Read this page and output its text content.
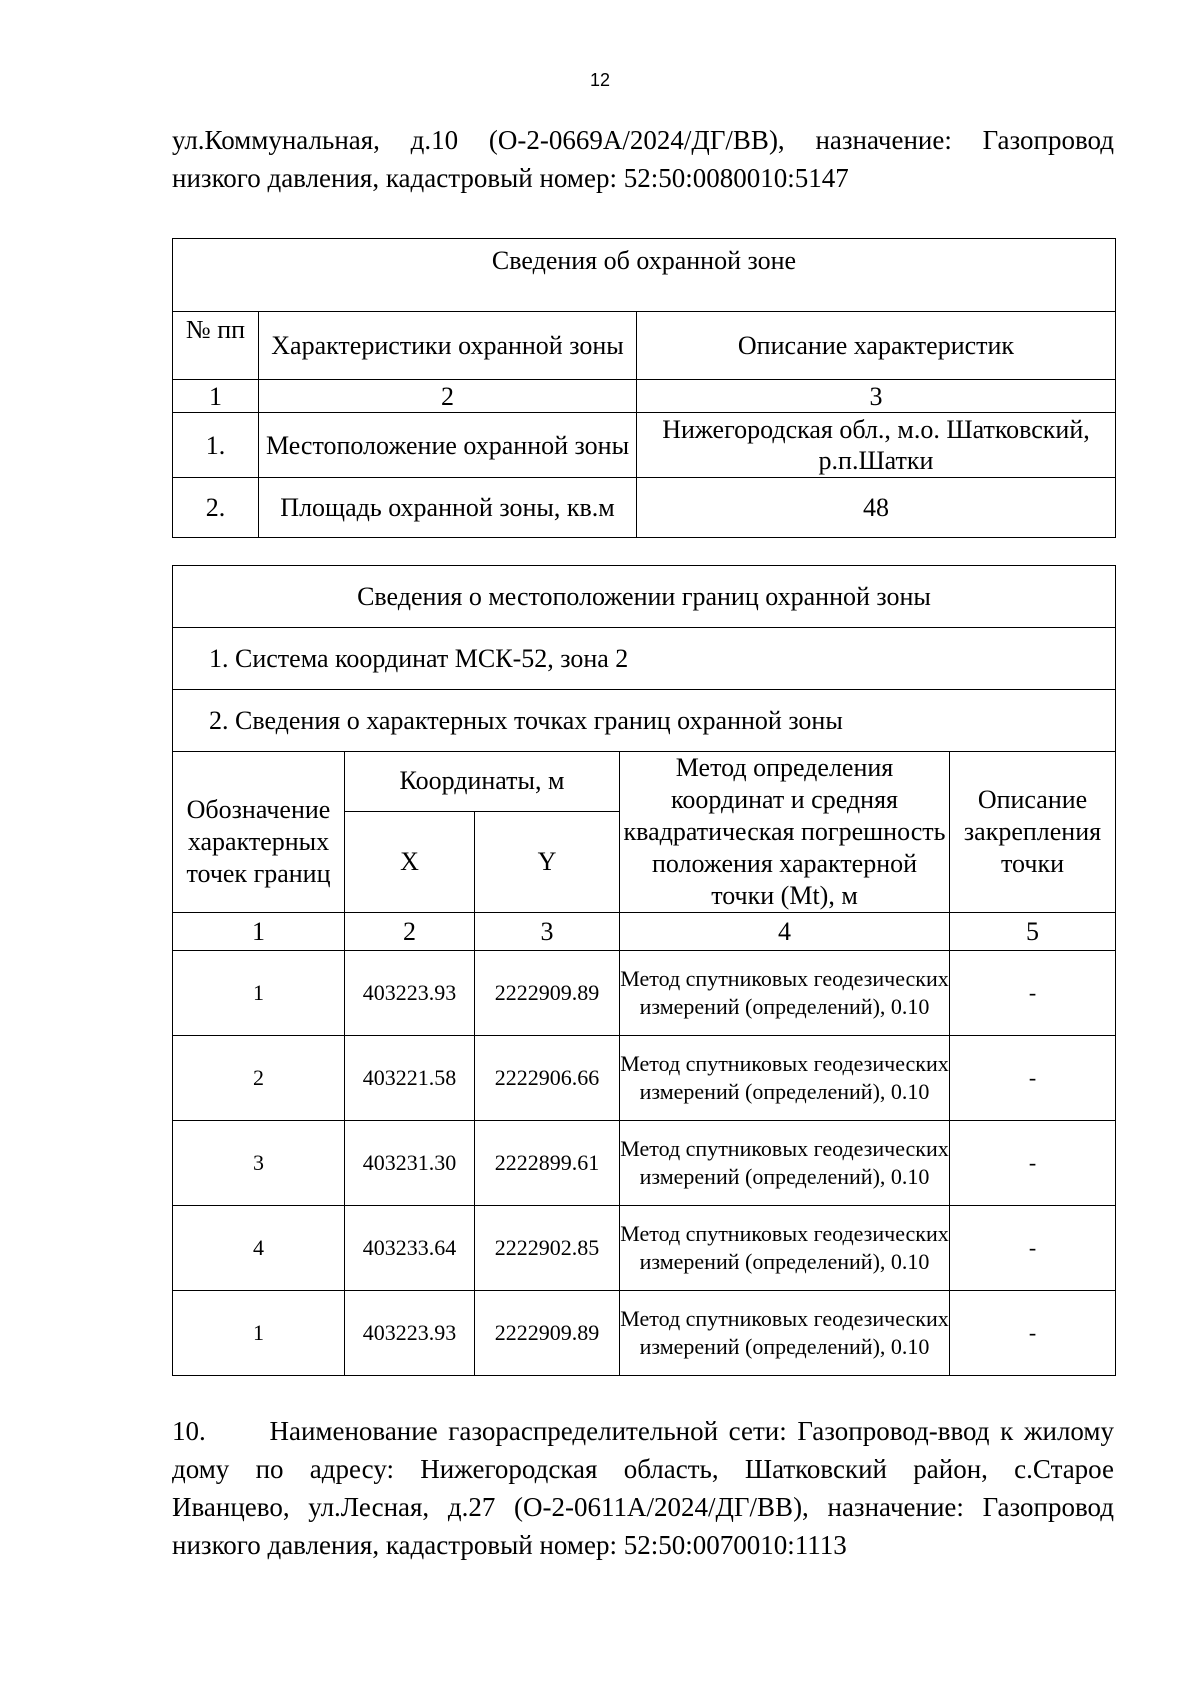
12

ул.Коммунальная, д.10 (О-2-0669А/2024/ДГ/ВВ), назначение: Газопровод

низкого давления, кадастровый номер: 52:50:0080010:5147

Сведения об охранной зоне		
№ пп	Характеристики охранной зоны	Описание характеристик
1	2	3
1.	Местоположение охранной зоны	Нижегородская обл., м.о. Шатковский, р.п.Шатки
2.	Площадь охранной зоны, кв.м	48
Сведения о местоположении границ охранной зоны				
1. Система координат МСК-52, зона 2				
2. Сведения о характерных точках границ охранной зоны				
Обозначение характерных точек границ	Координаты, м		Метод определения координат и средняя квадратическая погрешность положения характерной точки (Mt), м	Описание закрепления точки
	X	Y		
1	2	3	4	5
1	403223.93	2222909.89	Метод спутниковых геодезических измерений (определений), 0.10	-
2	403221.58	2222906.66	Метод спутниковых геодезических измерений (определений), 0.10	-
3	403231.30	2222899.61	Метод спутниковых геодезических измерений (определений), 0.10	-
4	403233.64	2222902.85	Метод спутниковых геодезических измерений (определений), 0.10	-
1	403223.93	2222909.89	Метод спутниковых геодезических измерений (определений), 0.10	-

10.      Наименование газораспределительной сети: Газопровод-ввод к жилому

дому по адресу: Нижегородская область, Шатковский район, с.Старое

Иванцево, ул.Лесная, д.27 (О-2-0611А/2024/ДГ/ВВ), назначение: Газопровод

низкого давления, кадастровый номер: 52:50:0070010:1113
